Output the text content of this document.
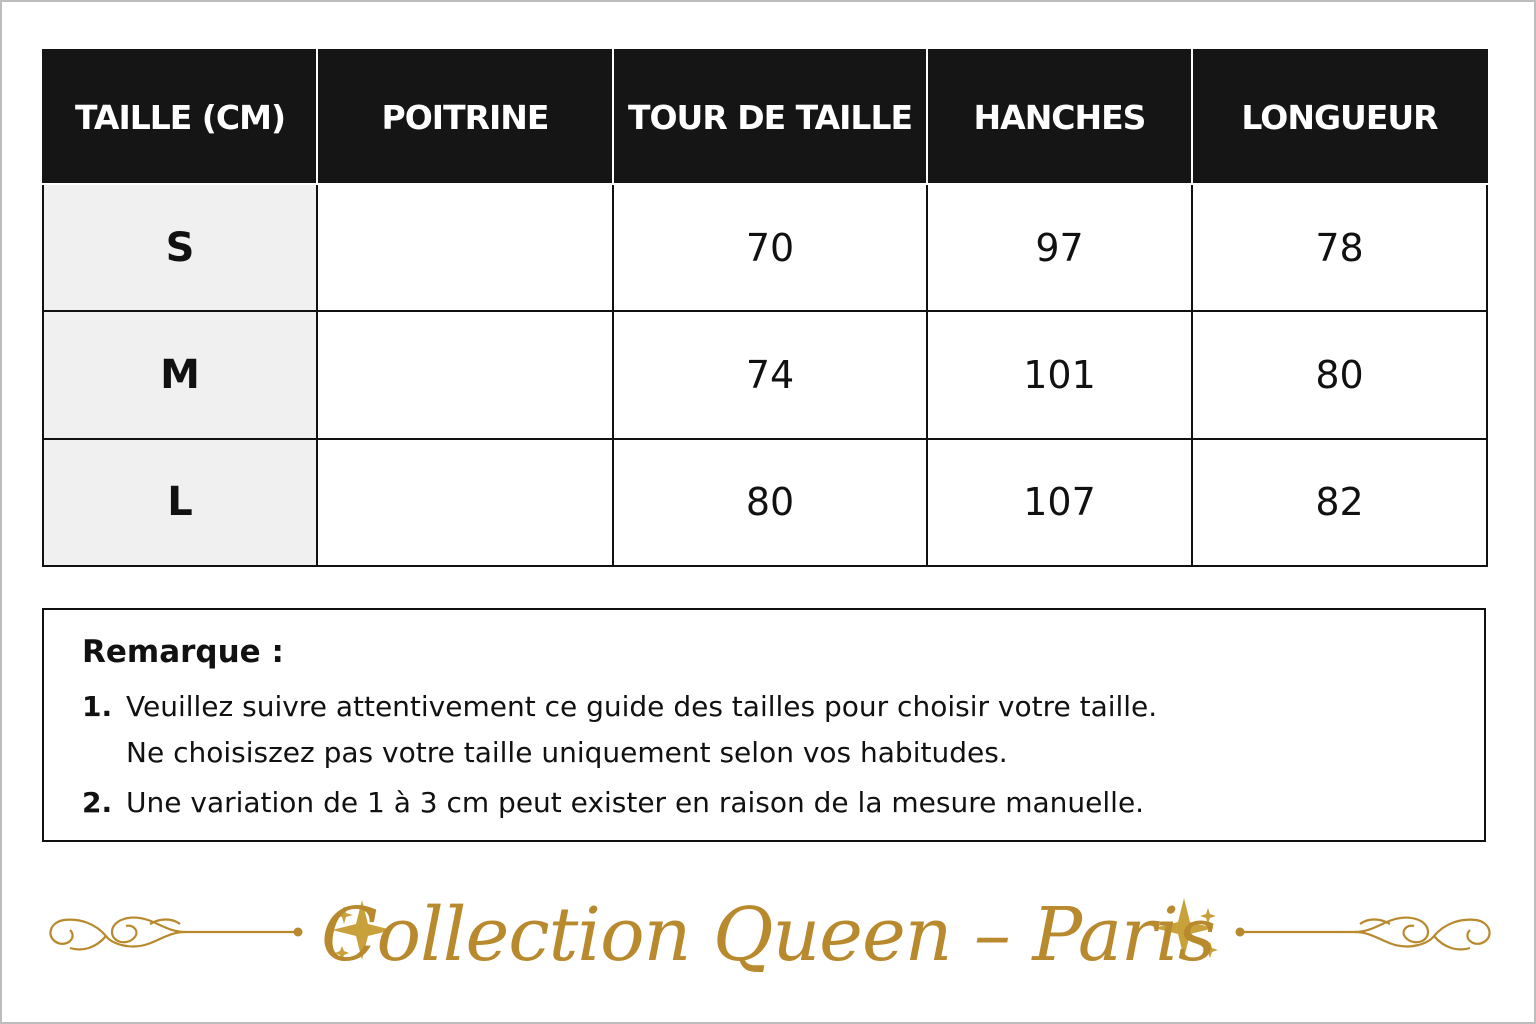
TAILLE (CM)	POITRINE	TOUR DE TAILLE	HANCHES	LONGUEUR
S		70	97	78
M		74	101	80
L		80	107	82
Remarque :
1. Veuillez suivre attentivement ce guide des tailles pour choisir votre taille.
Ne choisiszez pas votre taille uniquement selon vos habitudes.
2. Une variation de 1 à 3 cm peut exister en raison de la mesure manuelle.
Collection Queen – Paris
